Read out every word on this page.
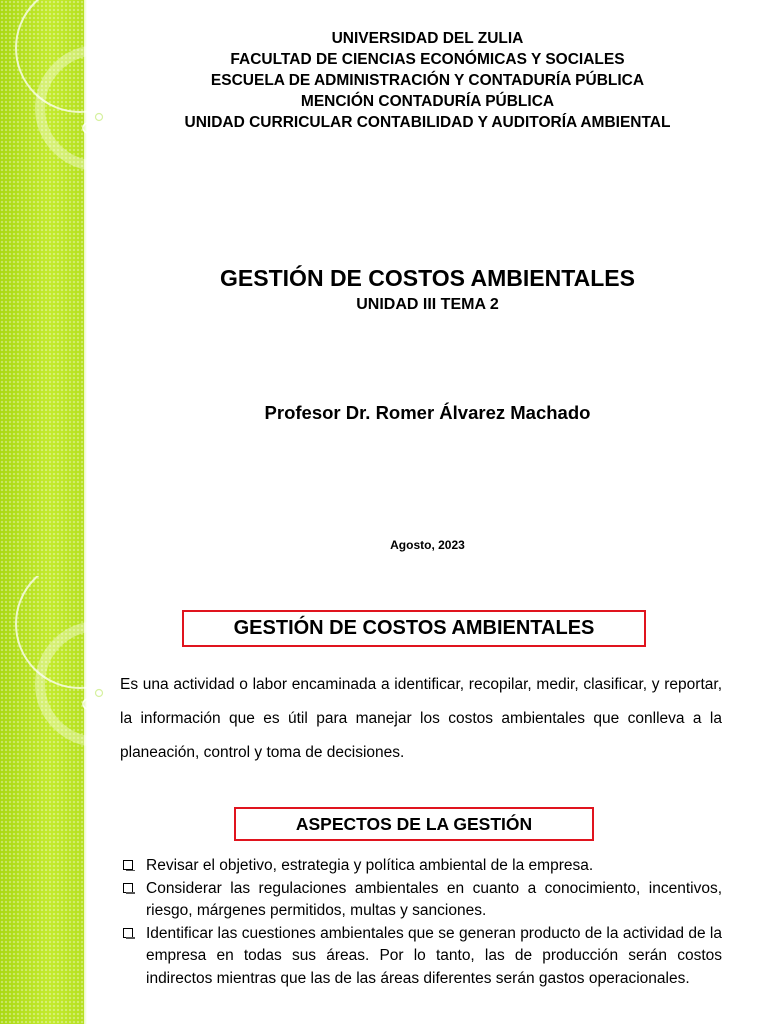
UNIVERSIDAD DEL ZULIA
FACULTAD DE CIENCIAS ECONÓMICAS Y SOCIALES
ESCUELA DE ADMINISTRACIÓN Y CONTADURÍA PÚBLICA
MENCIÓN CONTADURÍA PÚBLICA
UNIDAD CURRICULAR CONTABILIDAD Y AUDITORÍA AMBIENTAL
GESTIÓN DE COSTOS AMBIENTALES
UNIDAD III TEMA 2
Profesor Dr. Romer Álvarez Machado
Agosto, 2023
GESTIÓN DE COSTOS AMBIENTALES
Es una actividad o labor encaminada a identificar, recopilar, medir, clasificar, y reportar, la información que es útil para manejar los costos ambientales que conlleva a la planeación, control y toma de decisiones.
ASPECTOS DE LA GESTIÓN
Revisar el objetivo, estrategia y política ambiental de la empresa.
Considerar las regulaciones ambientales en cuanto a conocimiento, incentivos, riesgo, márgenes permitidos, multas y sanciones.
Identificar las cuestiones ambientales que se generan producto de la actividad de la empresa en todas sus áreas. Por lo tanto, las de producción serán costos indirectos mientras que las de las áreas diferentes serán gastos operacionales.
